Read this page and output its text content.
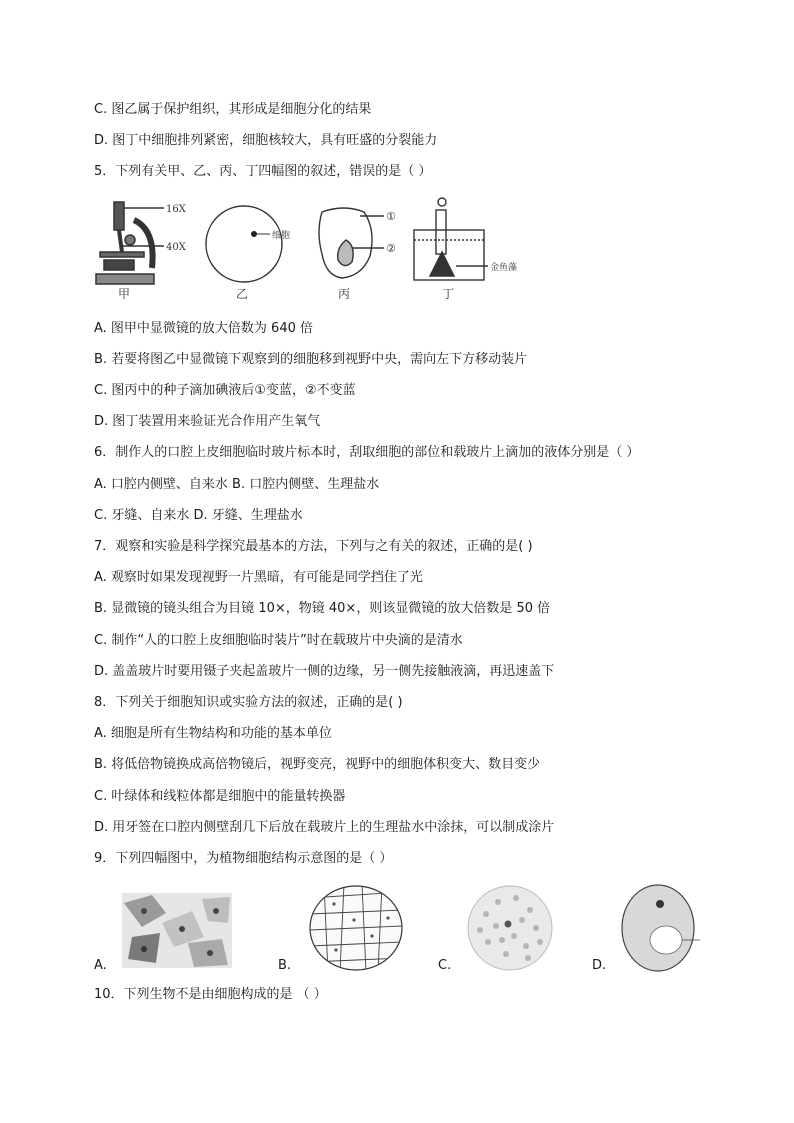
C. 图乙属于保护组织，其形成是细胞分化的结果
D. 图丁中细胞排列紧密，细胞核较大，具有旺盛的分裂能力
5．下列有关甲、乙、丙、丁四幅图的叙述，错误的是（ ）
16X
40X
甲
细胞
乙
①
②
丙
金鱼藻
丁
A. 图甲中显微镜的放大倍数为 640 倍
B. 若要将图乙中显微镜下观察到的细胞移到视野中央，需向左下方移动装片
C. 图丙中的种子滴加碘液后①变蓝，②不变蓝
D. 图丁装置用来验证光合作用产生氧气
6．制作人的口腔上皮细胞临时玻片标本时，刮取细胞的部位和载玻片上滴加的液体分别是（ ）
A. 口腔内侧壁、自来水 B. 口腔内侧壁、生理盐水
C. 牙缝、自来水 D. 牙缝、生理盐水
7．观察和实验是科学探究最基本的方法，下列与之有关的叙述，正确的是( )
A. 观察时如果发现视野一片黑暗，有可能是同学挡住了光
B. 显微镜的镜头组合为目镜 10×，物镜 40×，则该显微镜的放大倍数是 50 倍
C. 制作“人的口腔上皮细胞临时装片”时在载玻片中央滴的是清水
D. 盖盖玻片时要用镊子夹起盖玻片一侧的边缘，另一侧先接触液滴，再迅速盖下
8．下列关于细胞知识或实验方法的叙述，正确的是( )
A. 细胞是所有生物结构和功能的基本单位
B. 将低倍物镜换成高倍物镜后，视野变亮，视野中的细胞体积变大、数目变少
C. 叶绿体和线粒体都是细胞中的能量转换器
D. 用牙签在口腔内侧壁刮几下后放在载玻片上的生理盐水中涂抹，可以制成涂片
9．下列四幅图中，为植物细胞结构示意图的是（ ）
A.	B.	C.	D.
10．下列生物不是由细胞构成的是 （ ）
